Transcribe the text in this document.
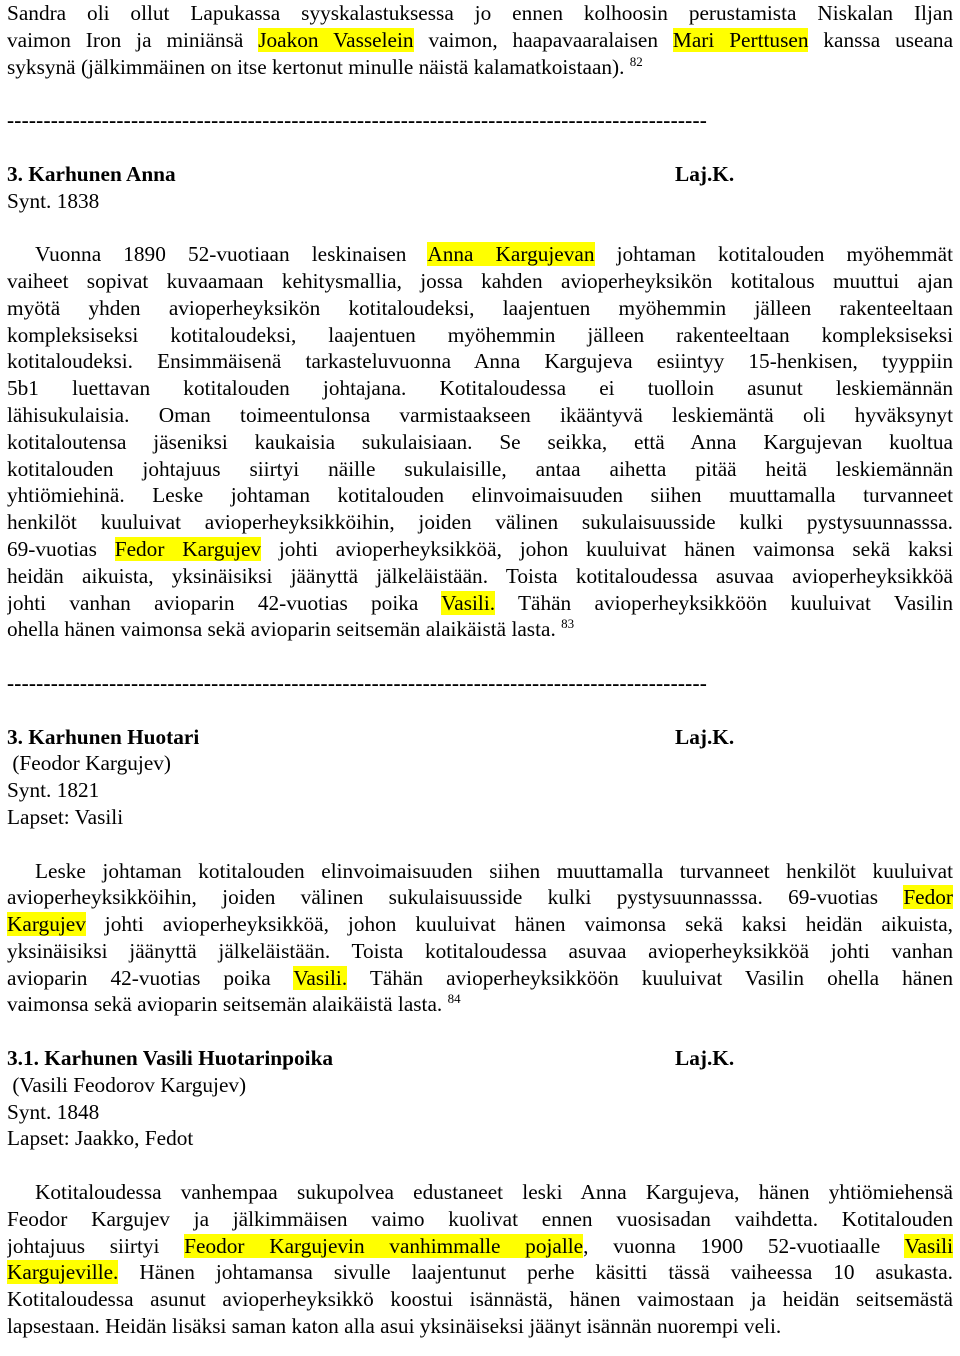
Sandra oli ollut Lapukassa syyskalastuksessa jo ennen kolhoosin perustamista Niskalan Iljan
vaimon Iron ja miniänsä Joakon Vasselein vaimon, haapavaaralaisen Mari Perttusen kanssa useana
syksynä (jälkimmäinen on itse kertonut minulle näistä kalamatkoistaan). $^{82}$
------------------------------------------------------------------------------------------------
3. Karhunen Anna	Laj.K.
Synt. 1838
Vuonna 1890 52-vuotiaan leskinaisen Anna Kargujevan johtaman kotitalouden myöhemmät
vaiheet sopivat kuvaamaan kehitysmallia, jossa kahden avioperheyksikön kotitalous muuttui ajan
myötä yhden avioperheyksikön kotitaloudeksi, laajentuen myöhemmin jälleen rakenteeltaan
kompleksiseksi kotitaloudeksi, laajentuen myöhemmin jälleen rakenteeltaan kompleksiseksi
kotitaloudeksi. Ensimmäisenä tarkasteluvuonna Anna Kargujeva esiintyy 15-henkisen, tyyppiin
5b1 luettavan kotitalouden johtajana. Kotitaloudessa ei tuolloin asunut leskiemännän
lähisukulaisia. Oman toimeentulonsa varmistaakseen ikääntyvä leskiemäntä oli hyväksynyt
kotitaloutensa jäseniksi kaukaisia sukulaisiaan. Se seikka, että Anna Kargujevan kuoltua
kotitalouden johtajuus siirtyi näille sukulaisille, antaa aihetta pitää heitä leskiemännän
yhtiömiehinä. Leske johtaman kotitalouden elinvoimaisuuden siihen muuttamalla turvanneet
henkilöt kuuluivat avioperheyksikköihin, joiden välinen sukulaisuusside kulki pystysuunnasssa.
69-vuotias Fedor Kargujev johti avioperheyksikköä, johon kuuluivat hänen vaimonsa sekä kaksi
heidän aikuista, yksinäisiksi jäänyttä jälkeläistään. Toista kotitaloudessa asuvaa avioperheyksikköä
johti vanhan avioparin 42-vuotias poika Vasili. Tähän avioperheyksikköön kuuluivat Vasilin
ohella hänen vaimonsa sekä avioparin seitsemän alaikäistä lasta. $^{83}$
------------------------------------------------------------------------------------------------
3. Karhunen Huotari	Laj.K.
(Feodor Kargujev)
Synt. 1821
Lapset: Vasili
Leske johtaman kotitalouden elinvoimaisuuden siihen muuttamalla turvanneet henkilöt kuuluivat
avioperheyksikköihin, joiden välinen sukulaisuusside kulki pystysuunnasssa. 69-vuotias Fedor
Kargujev johti avioperheyksikköä, johon kuuluivat hänen vaimonsa sekä kaksi heidän aikuista,
yksinäisiksi jäänyttä jälkeläistään. Toista kotitaloudessa asuvaa avioperheyksikköä johti vanhan
avioparin 42-vuotias poika Vasili. Tähän avioperheyksikköön kuuluivat Vasilin ohella hänen
vaimonsa sekä avioparin seitsemän alaikäistä lasta. $^{84}$
3.1. Karhunen Vasili Huotarinpoika	Laj.K.
(Vasili Feodorov Kargujev)
Synt. 1848
Lapset: Jaakko, Fedot
Kotitaloudessa vanhempaa sukupolvea edustaneet leski Anna Kargujeva, hänen yhtiömiehensä
Feodor Kargujev ja jälkimmäisen vaimo kuolivat ennen vuosisadan vaihdetta. Kotitalouden
johtajuus siirtyi Feodor Kargujevin vanhimmalle pojalle, vuonna 1900 52-vuotiaalle Vasili
Kargujeville. Hänen johtamansa sivulle laajentunut perhe käsitti tässä vaiheessa 10 asukasta.
Kotitaloudessa asunut avioperheyksikkö koostui isännästä, hänen vaimostaan ja heidän seitsemästä
lapsestaan. Heidän lisäksi saman katon alla asui yksinäiseksi jäänyt isännän nuorempi veli.
